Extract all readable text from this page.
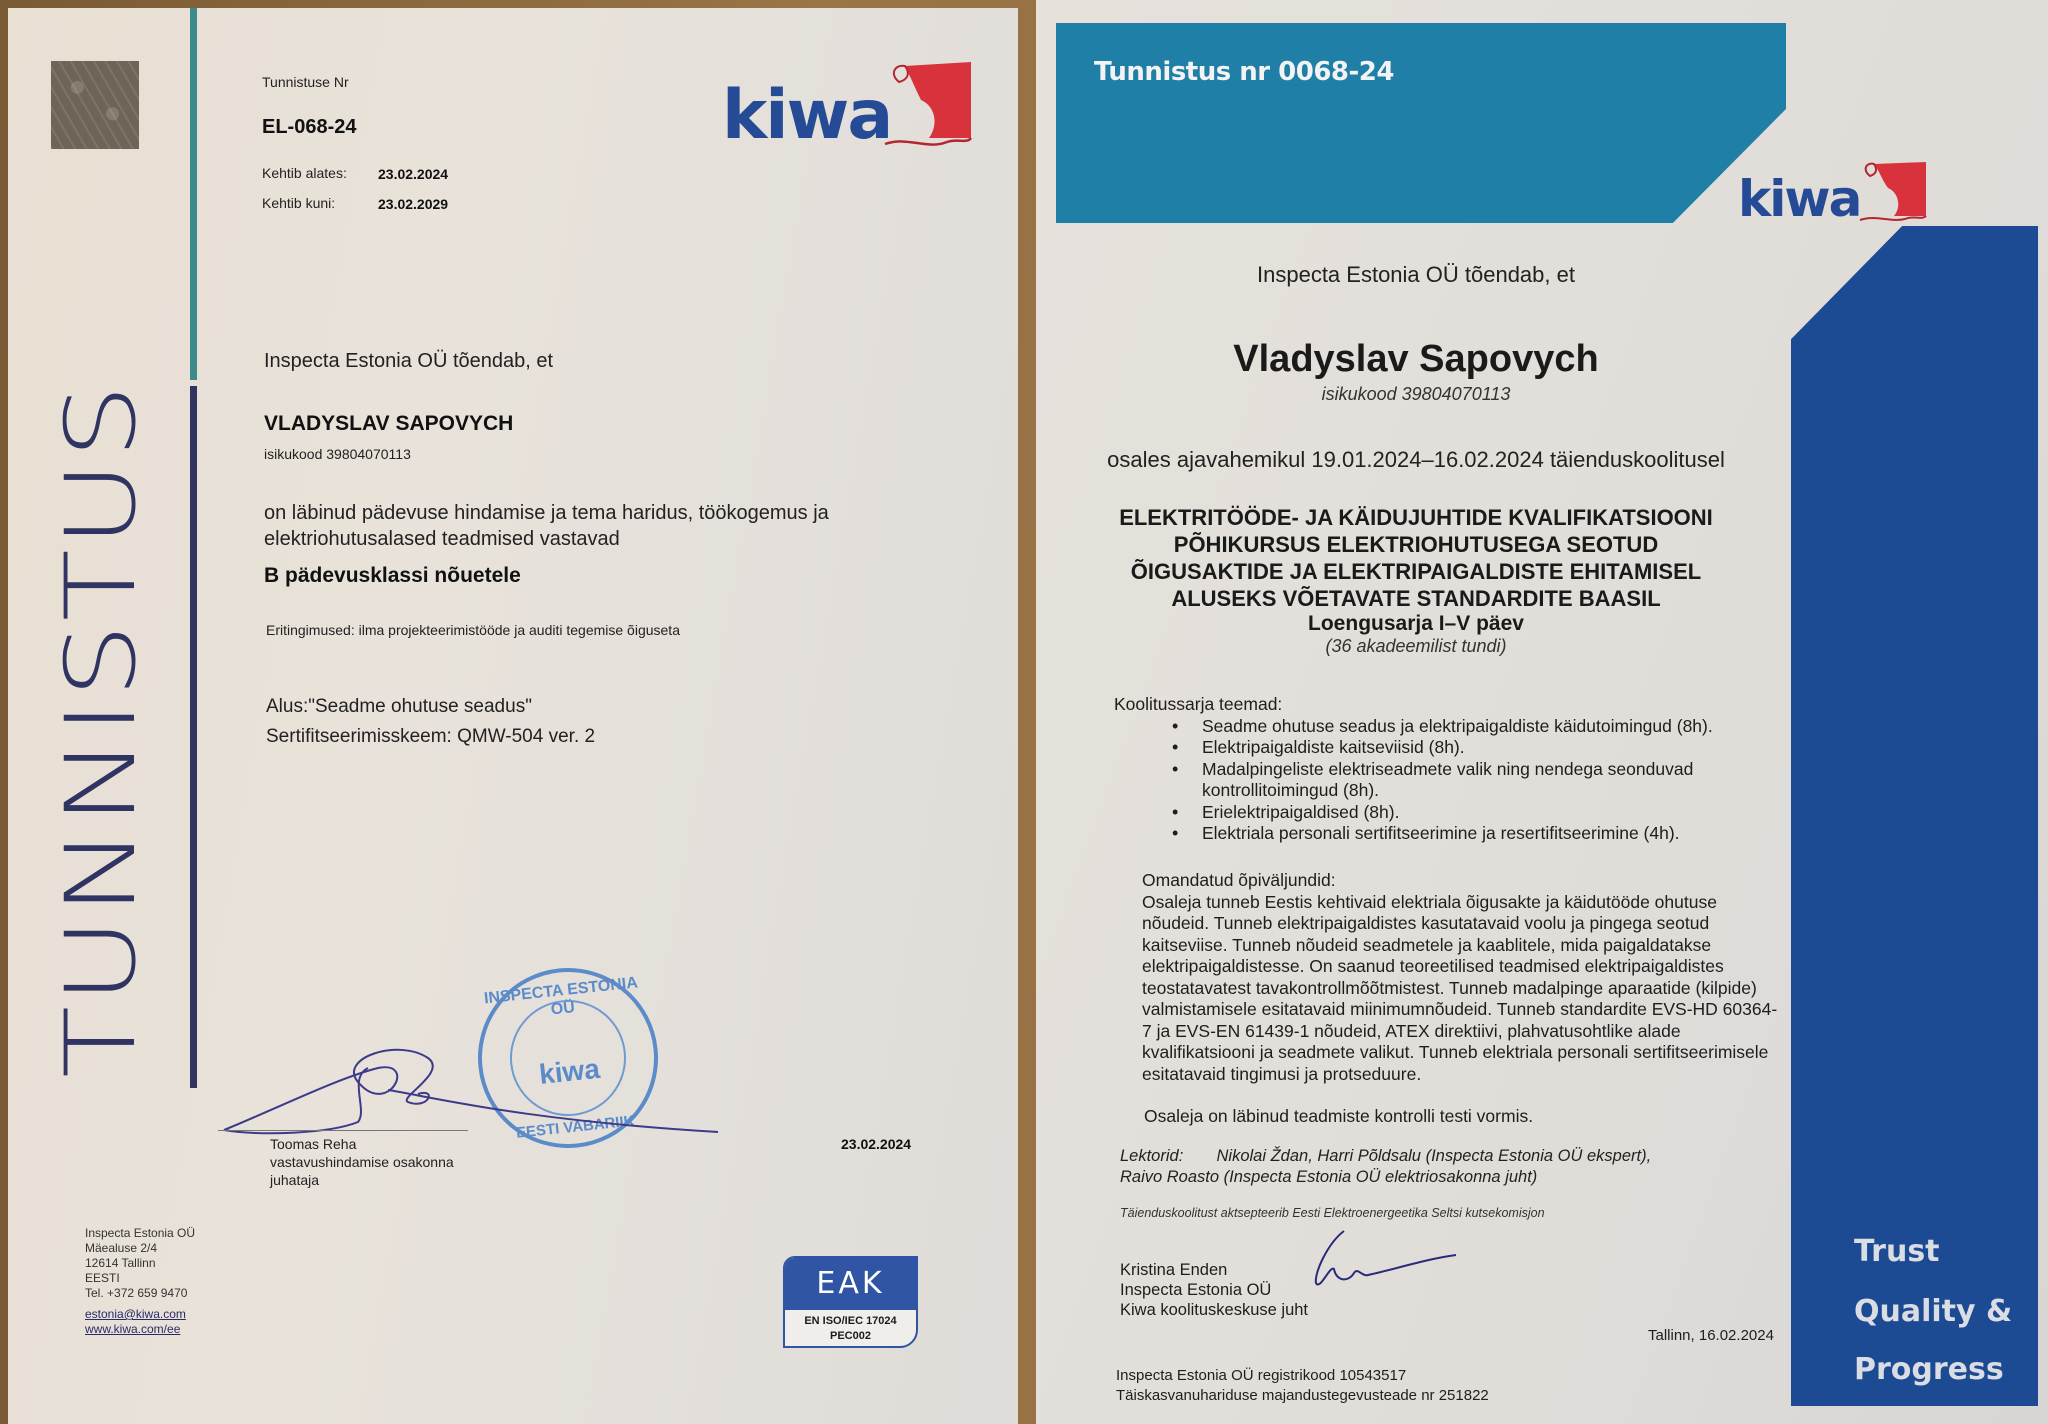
TUNNISTUS
Tunnistuse Nr
EL-068-24
Kehtib alates: 23.02.2024
Kehtib kuni:	23.02.2029
kiwa
Inspecta Estonia OÜ tõendab, et
VLADYSLAV SAPOVYCH
isikukood 39804070113
on läbinud pädevuse hindamise ja tema haridus, töökogemus ja
elektriohutusalased teadmised vastavad
B pädevusklassi nõuetele
Eritingimused: ilma projekteerimistööde ja auditi tegemise õiguseta
Alus:"Seadme ohutuse seadus"
Sertifitseerimisskeem: QMW-504 ver. 2
INSPECTA ESTONIA OÜ
kiwa
EESTI VABARIIK
Toomas Reha
vastavushindamise osakonna
juhataja
23.02.2024
Inspecta Estonia OÜ
Mäealuse 2/4
12614 Tallinn
EESTI
Tel. +372 659 9470
estonia@kiwa.com
www.kiwa.com/ee
EAK
EN ISO/IEC 17024
PEC002
Tunnistus nr 0068-24
kiwa
Trust
Quality &
Progress
Inspecta Estonia OÜ tõendab, et
Vladyslav Sapovych
isikukood 39804070113
osales ajavahemikul 19.01.2024–16.02.2024 täienduskoolitusel
ELEKTRITÖÖDE- JA KÄIDUJUHTIDE KVALIFIKATSIOONI
PÕHIKURSUS ELEKTRIOHUTUSEGA SEOTUD
ÕIGUSAKTIDE JA ELEKTRIPAIGALDISTE EHITAMISEL
ALUSEKS VÕETAVATE STANDARDITE BAASIL
Loengusarja I–V päev
(36 akadeemilist tundi)
Koolitussarja teemad:
• Seadme ohutuse seadus ja elektripaigaldiste käidutoimingud (8h).
• Elektripaigaldiste kaitseviisid (8h).
• Madalpingeliste elektriseadmete valik ning nendega seonduvad kontrollitoimingud (8h).
• Erielektripaigaldised (8h).
• Elektriala personali sertifitseerimine ja resertifitseerimine (4h).
Omandatud õpiväljundid:
Osaleja tunneb Eestis kehtivaid elektriala õigusakte ja käidutööde ohutuse nõudeid. Tunneb elektripaigaldistes kasutatavaid voolu ja pingega seotud kaitseviise. Tunneb nõudeid seadmetele ja kaablitele, mida paigaldatakse elektripaigaldistesse. On saanud teoreetilised teadmised elektripaigaldistes teostatavatest tavakontrollmõõtmistest. Tunneb madalpinge aparaatide (kilpide) valmistamisele esitatavaid miinimumnõudeid. Tunneb standardite EVS-HD 60364-7 ja EVS-EN 61439-1 nõudeid, ATEX direktiivi, plahvatusohtlike alade kvalifikatsiooni ja seadmete valikut. Tunneb elektriala personali sertifitseerimisele esitatavaid tingimusi ja protseduure.
Osaleja on läbinud teadmiste kontrolli testi vormis.
Lektorid: Nikolai Ždan, Harri Põldsalu (Inspecta Estonia OÜ ekspert),
Raivo Roasto (Inspecta Estonia OÜ elektriosakonna juht)
Täienduskoolitust aktsepteerib Eesti Elektroenergeetika Seltsi kutsekomisjon
Kristina Enden
Inspecta Estonia OÜ
Kiwa koolituskeskuse juht
Tallinn, 16.02.2024
Inspecta Estonia OÜ registrikood 10543517
Täiskasvanuhariduse majandustegevusteade nr 251822
